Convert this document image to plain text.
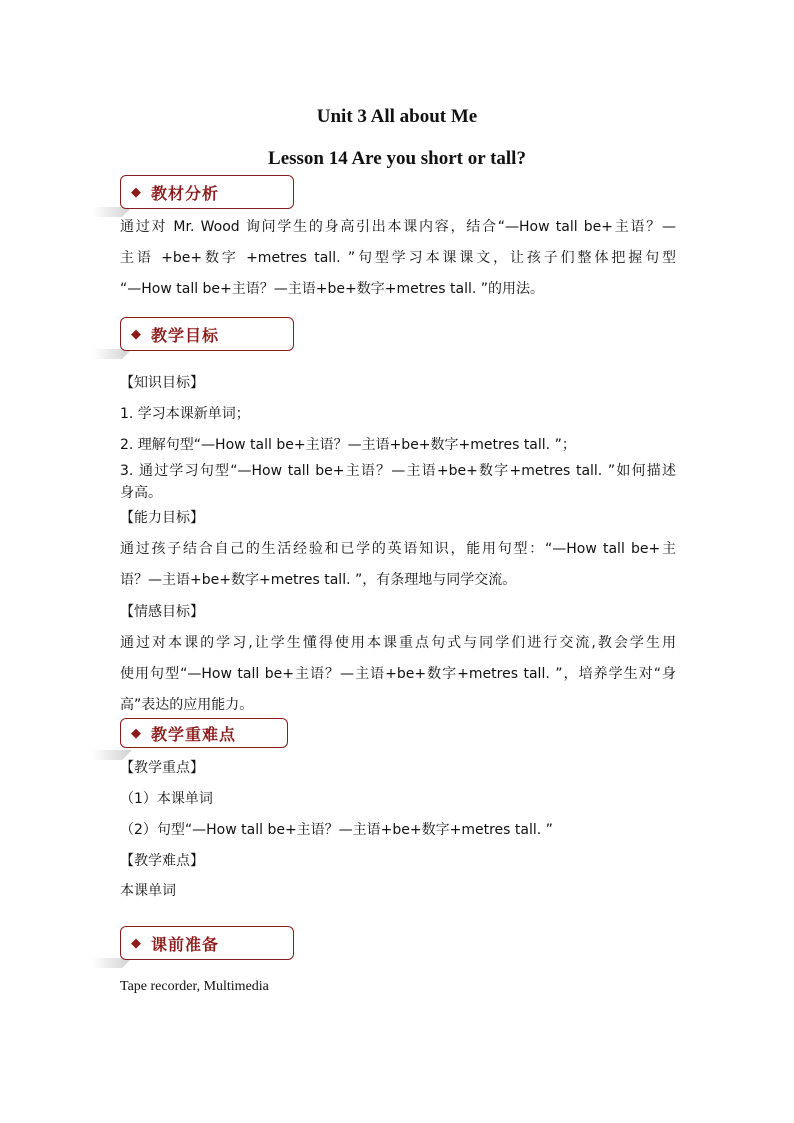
Unit 3 All about Me
Lesson 14 Are you short or tall?
◆ 教材分析
通过对 Mr. Wood 询问学生的身高引出本课内容，结合“—How tall be+主语？—
主语 +be+数字 +metres tall. ”句型学习本课课文，让孩子们整体把握句型
“—How tall be+主语？—主语+be+数字+metres tall. ”的用法。
◆ 教学目标
【知识目标】
1. 学习本课新单词；
2. 理解句型“—How tall be+主语？—主语+be+数字+metres tall. ”；
3. 通过学习句型“—How tall be+主语？—主语+be+数字+metres tall. ”如何描述
身高。
【能力目标】
通过孩子结合自己的生活经验和已学的英语知识，能用句型：“—How tall be+主
语？—主语+be+数字+metres tall. ”，有条理地与同学交流。
【情感目标】
通过对本课的学习,让学生懂得使用本课重点句式与同学们进行交流,教会学生用
使用句型“—How tall be+主语？—主语+be+数字+metres tall. ”，培养学生对“身
高”表达的应用能力。
◆ 教学重难点
【教学重点】
（1）本课单词
（2）句型“—How tall be+主语？—主语+be+数字+metres tall. ”
【教学难点】
本课单词
◆ 课前准备
Tape recorder, Multimedia
